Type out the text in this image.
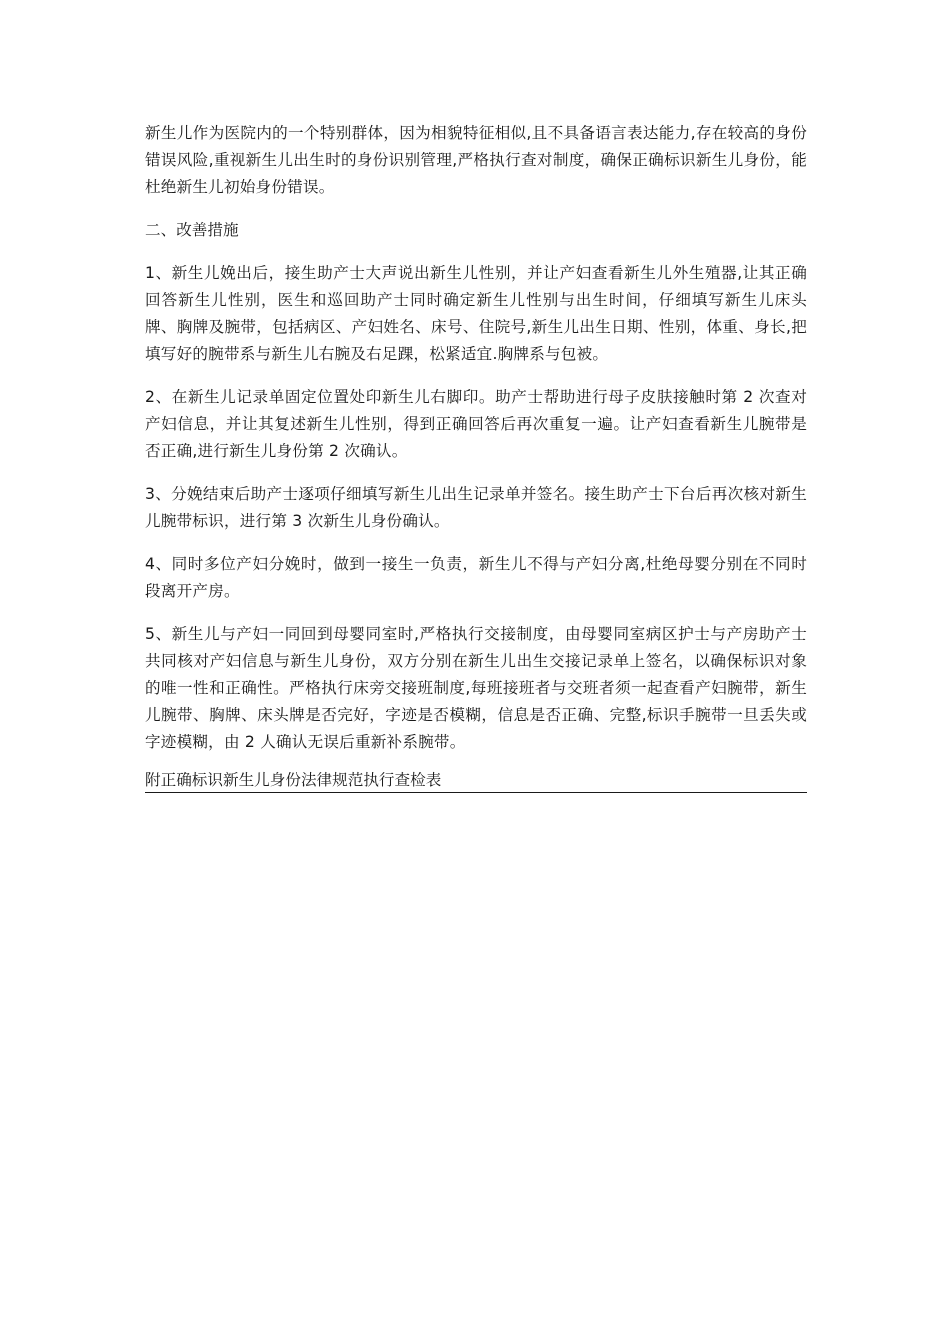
新生儿作为医院内的一个特别群体，因为相貌特征相似,且不具备语言表达能力,存在较高的身份错误风险,重视新生儿出生时的身份识别管理,严格执行查对制度，确保正确标识新生儿身份，能杜绝新生儿初始身份错误。

二、改善措施

1、新生儿娩出后，接生助产士大声说出新生儿性别，并让产妇查看新生儿外生殖器,让其正确回答新生儿性别，医生和巡回助产士同时确定新生儿性别与出生时间，仔细填写新生儿床头牌、胸牌及腕带，包括病区、产妇姓名、床号、住院号,新生儿出生日期、性别，体重、身长,把填写好的腕带系与新生儿右腕及右足踝，松紧适宜.胸牌系与包被。

2、在新生儿记录单固定位置处印新生儿右脚印。助产士帮助进行母子皮肤接触时第 2 次查对产妇信息，并让其复述新生儿性别，得到正确回答后再次重复一遍。让产妇查看新生儿腕带是否正确,进行新生儿身份第 2 次确认。

3、分娩结束后助产士逐项仔细填写新生儿出生记录单并签名。接生助产士下台后再次核对新生儿腕带标识，进行第 3 次新生儿身份确认。

4、同时多位产妇分娩时，做到一接生一负责，新生儿不得与产妇分离,杜绝母婴分别在不同时段离开产房。

5、新生儿与产妇一同回到母婴同室时,严格执行交接制度，由母婴同室病区护士与产房助产士共同核对产妇信息与新生儿身份，双方分别在新生儿出生交接记录单上签名，以确保标识对象的唯一性和正确性。严格执行床旁交接班制度,每班接班者与交班者须一起查看产妇腕带，新生儿腕带、胸牌、床头牌是否完好，字迹是否模糊，信息是否正确、完整,标识手腕带一旦丢失或字迹模糊，由 2 人确认无误后重新补系腕带。

附正确标识新生儿身份法律规范执行查检表
